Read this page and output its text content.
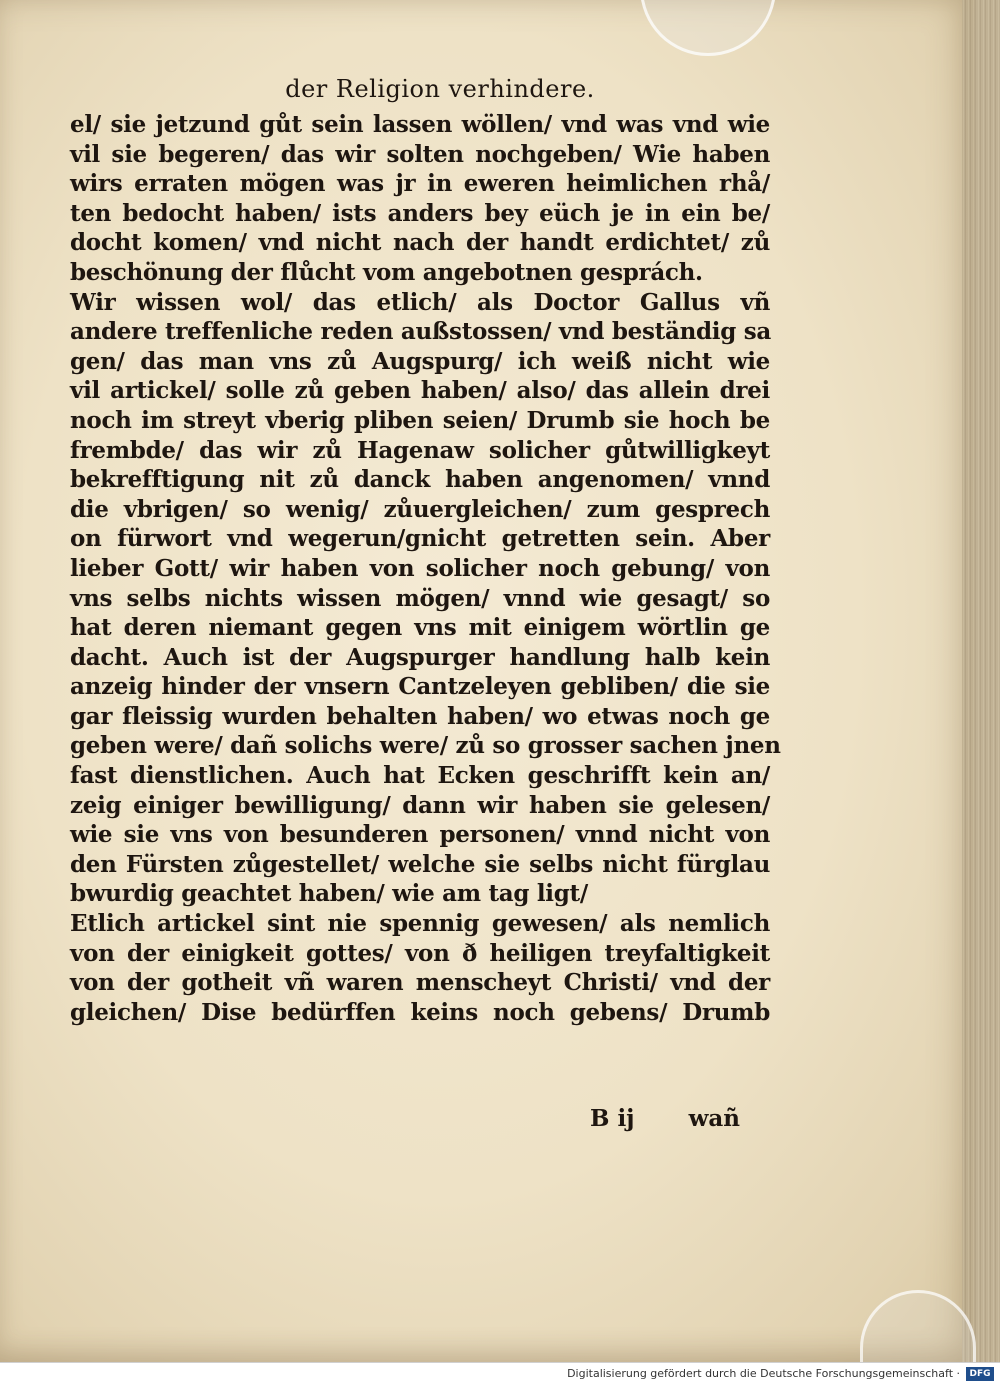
der Religion verhindere.
el/ sie jetzund gůt sein lassen wöllen/ vnd was vnd wie
vil sie begeren/ das wir solten nochgeben/ Wie haben
wirs erraten mögen was jr in eweren heimlichen rhå/
ten bedocht haben/ ists anders bey eüch je in ein be/
docht komen/ vnd nicht nach der handt erdichtet/ zů
beschönung der flůcht vom angebotnen gesprách.
Wir wissen wol/ das etlich/ als Doctor Gallus vñ
andere treffenliche reden außstossen/ vnd beständig sa
gen/ das man vns zů Augspurg/ ich weiß nicht wie
vil artickel/ solle zů geben haben/ also/ das allein drei
noch im streyt vberig pliben seien/ Drumb sie hoch be
frembde/ das wir zů Hagenaw solicher gůtwilligkeyt
bekrefftigung nit zů danck haben angenomen/ vnnd
die vbrigen/ so wenig/ zůuergleichen/ zum gesprech
on fürwort vnd wegerun/gnicht getretten sein. Aber
lieber Gott/ wir haben von solicher noch gebung/ von
vns selbs nichts wissen mögen/ vnnd wie gesagt/ so
hat deren niemant gegen vns mit einigem wörtlin ge
dacht. Auch ist der Augspurger handlung halb kein
anzeig hinder der vnsern Cantzeleyen gebliben/ die sie
gar fleissig wurden behalten haben/ wo etwas noch ge
geben were/ dañ solichs were/ zů so grosser sachen jnen
fast dienstlichen. Auch hat Ecken geschrifft kein an/
zeig einiger bewilligung/ dann wir haben sie gelesen/
wie sie vns von besunderen personen/ vnnd nicht von
den Fürsten zůgestellet/ welche sie selbs nicht fürglau
bwurdig geachtet haben/ wie am tag ligt/
Etlich artickel sint nie spennig gewesen/ als nemlich
von der einigkeit gottes/ von ð heiligen treyfaltigkeit
von der gotheit vñ waren menscheyt Christi/ vnd der
gleichen/ Dise bedürffen keins noch gebens/ Drumb
B ij wañ
Digitalisierung gefördert durch die Deutsche Forschungsgemeinschaft ·	DFG
